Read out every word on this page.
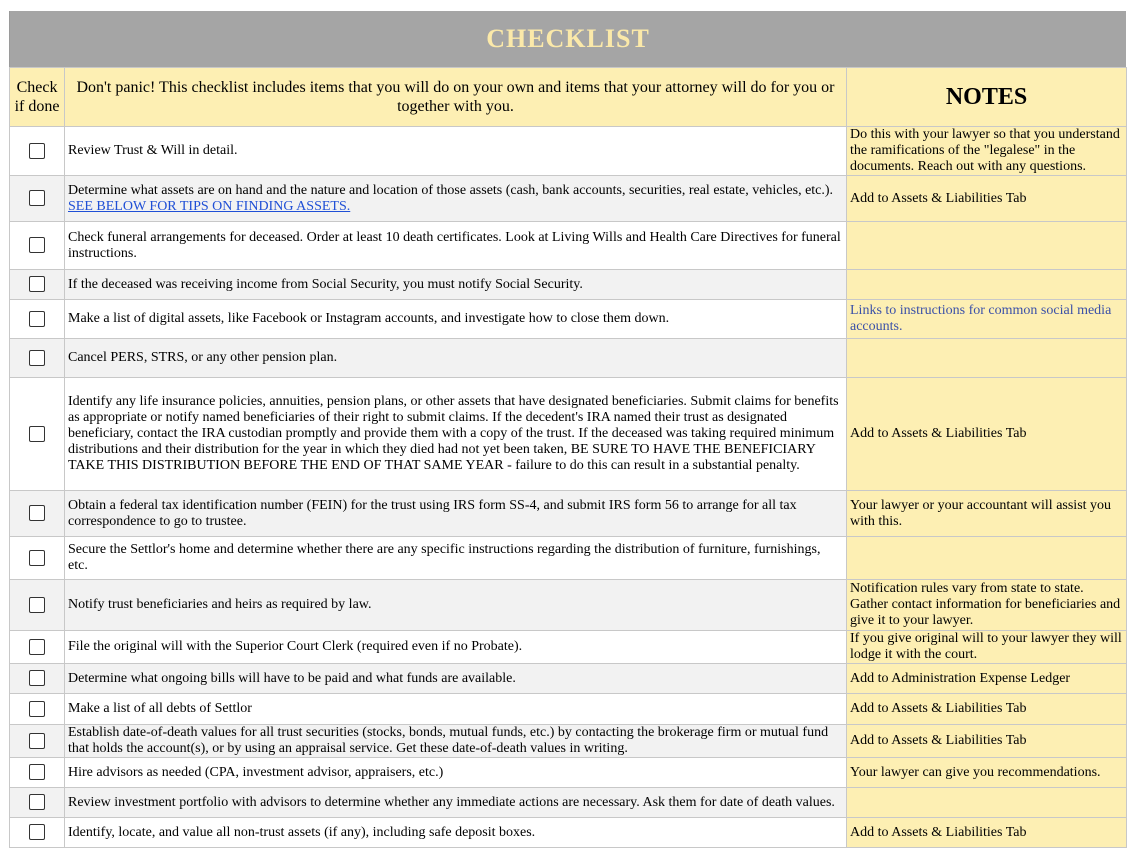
CHECKLIST
Check if done	Don't panic! This checklist includes items that you will do on your own and items that your attorney will do for you or together with you.	NOTES
	Review Trust & Will in detail.	Do this with your lawyer so that you understand the ramifications of the "legalese" in the documents. Reach out with any questions.
	Determine what assets are on hand and the nature and location of those assets (cash, bank accounts, securities, real estate, vehicles, etc.). SEE BELOW FOR TIPS ON FINDING ASSETS.	Add to Assets & Liabilities Tab
	Check funeral arrangements for deceased. Order at least 10 death certificates. Look at Living Wills and Health Care Directives for funeral instructions.	
	If the deceased was receiving income from Social Security, you must notify Social Security.	
	Make a list of digital assets, like Facebook or Instagram accounts, and investigate how to close them down.	Links to instructions for common social media accounts.
	Cancel PERS, STRS, or any other pension plan.	
	Identify any life insurance policies, annuities, pension plans, or other assets that have designated beneficiaries. Submit claims for benefits as appropriate or notify named beneficiaries of their right to submit claims. If the decedent's IRA named their trust as designated beneficiary, contact the IRA custodian promptly and provide them with a copy of the trust. If the deceased was taking required minimum distributions and their distribution for the year in which they died had not yet been taken, BE SURE TO HAVE THE BENEFICIARY TAKE THIS DISTRIBUTION BEFORE THE END OF THAT SAME YEAR - failure to do this can result in a substantial penalty.	Add to Assets & Liabilities Tab
	Obtain a federal tax identification number (FEIN) for the trust using IRS form SS-4, and submit IRS form 56 to arrange for all tax correspondence to go to trustee.	Your lawyer or your accountant will assist you with this.
	Secure the Settlor's home and determine whether there are any specific instructions regarding the distribution of furniture, furnishings, etc.	
	Notify trust beneficiaries and heirs as required by law.	Notification rules vary from state to state. Gather contact information for beneficiaries and give it to your lawyer.
	File the original will with the Superior Court Clerk (required even if no Probate).	If you give original will to your lawyer they will lodge it with the court.
	Determine what ongoing bills will have to be paid and what funds are available.	Add to Administration Expense Ledger
	Make a list of all debts of Settlor	Add to Assets & Liabilities Tab
	Establish date-of-death values for all trust securities (stocks, bonds, mutual funds, etc.) by contacting the brokerage firm or mutual fund that holds the account(s), or by using an appraisal service. Get these date-of-death values in writing.	Add to Assets & Liabilities Tab
	Hire advisors as needed (CPA, investment advisor, appraisers, etc.)	Your lawyer can give you recommendations.
	Review investment portfolio with advisors to determine whether any immediate actions are necessary. Ask them for date of death values.	
	Identify, locate, and value all non-trust assets (if any), including safe deposit boxes.	Add to Assets & Liabilities Tab
